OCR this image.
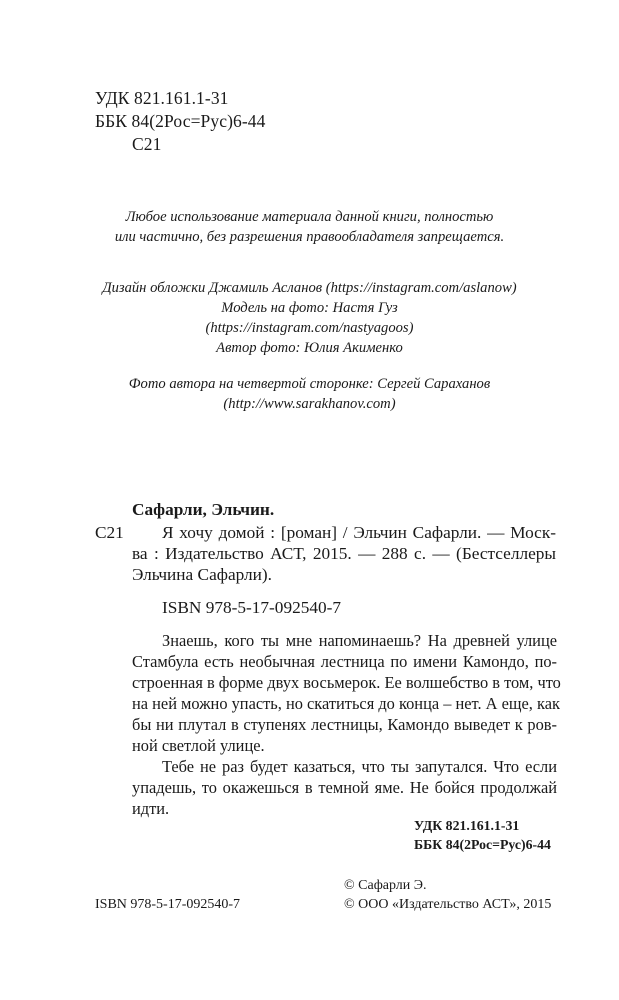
УДК 821.161.1-31
ББК 84(2Рос=Рус)6-44
С21
Любое использование материала данной книги, полностью
или частично, без разрешения правообладателя запрещается.
Дизайн обложки Джамиль Асланов (https://instagram.com/aslanow)
Модель на фото: Настя Гуз
(https://instagram.com/nastyagoos)
Автор фото: Юлия Акименко
Фото автора на четвертой сторонке: Сергей Сараханов
(http://www.sarakhanov.com)
Сафарли, Эльчин.
С21 Я хочу домой : [роман] / Эльчин Сафарли. — Моск-
ва : Издательство АСТ, 2015. — 288 с. — (Бестселлеры
Эльчина Сафарли).
ISBN 978-5-17-092540-7
Знаешь, кого ты мне напоминаешь? На древней улице
Стамбула есть необычная лестница по имени Камондо, по-
строенная в форме двух восьмерок. Ее волшебство в том, что
на ней можно упасть, но скатиться до конца – нет. А еще, как
бы ни плутал в ступенях лестницы, Камондо выведет к ров-
ной светлой улице.
Тебе не раз будет казаться, что ты запутался. Что если
упадешь, то окажешься в темной яме. Не бойся продолжай
идти.
УДК 821.161.1-31
ББК 84(2Рос=Рус)6-44
© Сафарли Э.
ISBN 978-5-17-092540-7	© ООО «Издательство АСТ», 2015
